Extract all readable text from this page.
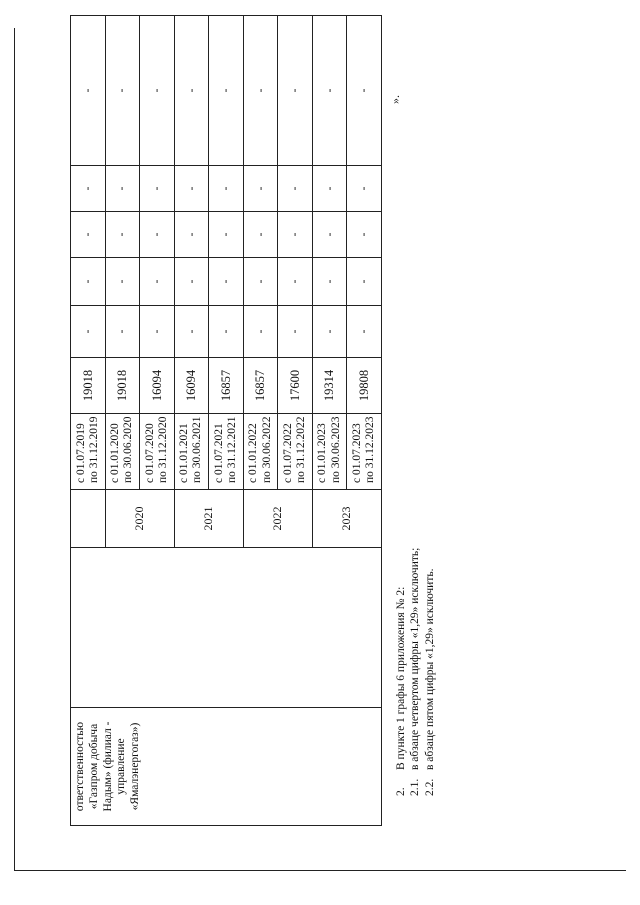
ответственностью «Газпром добыча Надым» (филиал - управление «Ямалэнергогаз»)			с 01.07.2019 по 31.12.2019	19018	-	-	-	-	-
		2020	с 01.01.2020 по 30.06.2020	19018	-	-	-	-	-

			с 01.07.2020 по 31.12.2020	16094	-	-	-	-	-
		2021	с 01.01.2021 по 30.06.2021	16094	-	-	-	-	-

			с 01.07.2021 по 31.12.2021	16857	-	-	-	-	-
		2022	с 01.01.2022 по 30.06.2022	16857	-	-	-	-	-

			с 01.07.2022 по 31.12.2022	17600	-	-	-	-	-
		2023	с 01.01.2023 по 30.06.2023	19314	-	-	-	-	-

			с 01.07.2023 по 31.12.2023	19808	-	-	-	-	-
».
2.В пункте 1 графы 6 приложения № 2:
2.1.в абзаце четвертом цифры «1,29» исключить;
2.2.в абзаце пятом цифры «1,29» исключить.
